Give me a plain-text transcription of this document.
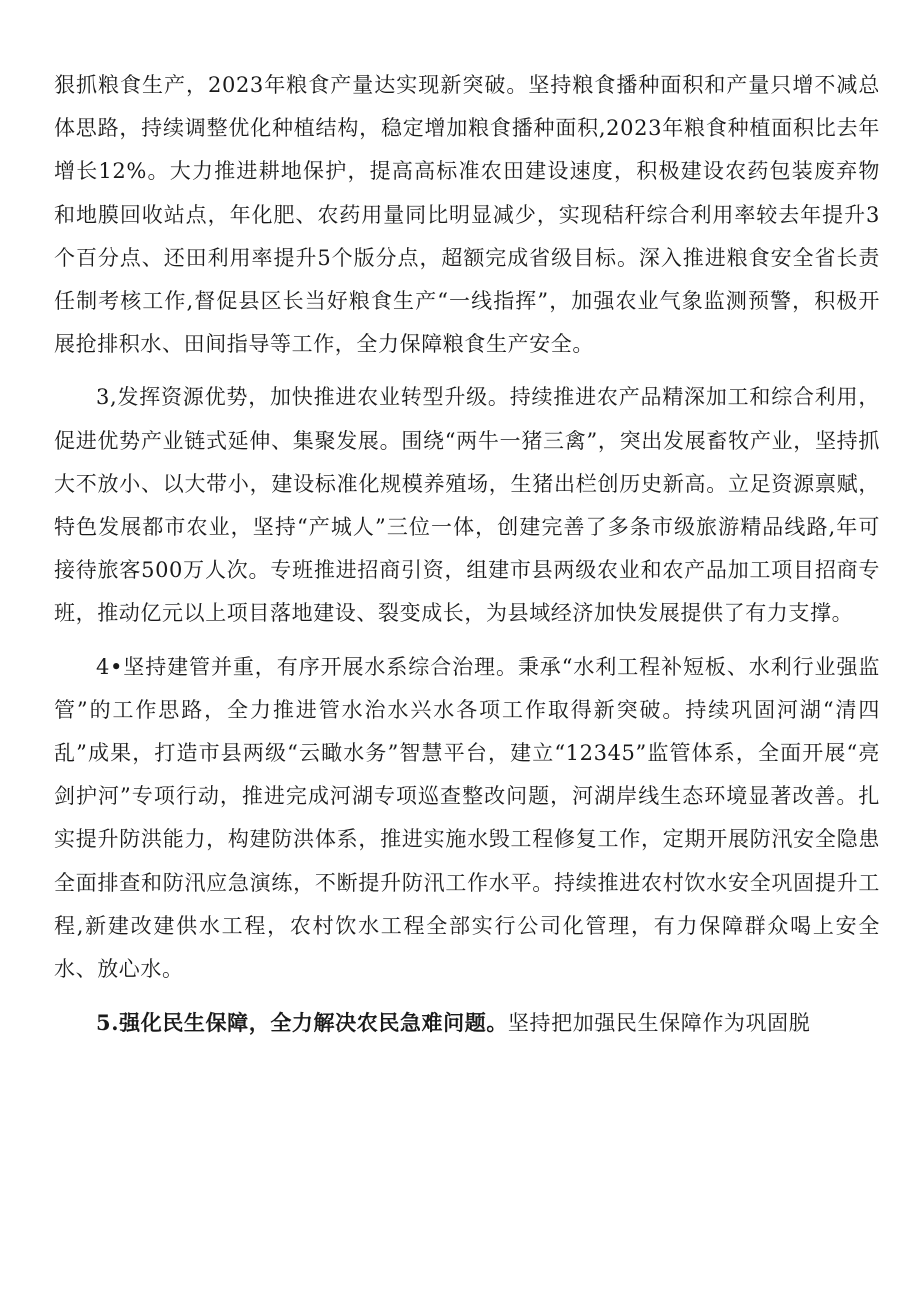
狠抓粮食生产，2023年粮食产量达实现新突破。坚持粮食播种面积和产量只增不减总体思路，持续调整优化种植结构，稳定增加粮食播种面积,2023年粮食种植面积比去年增长12%。大力推进耕地保护，提高高标准农田建设速度，积极建设农药包装废弃物和地膜回收站点，年化肥、农药用量同比明显减少，实现秸秆综合利用率较去年提升3个百分点、还田利用率提升5个版分点，超额完成省级目标。深入推进粮食安全省长责任制考核工作,督促县区长当好粮食生产“一线指挥”，加强农业气象监测预警，积极开展抢排积水、田间指导等工作，全力保障粮食生产安全。

3,发挥资源优势，加快推进农业转型升级。持续推进农产品精深加工和综合利用，促进优势产业链式延伸、集聚发展。围绕“两牛一猪三禽”，突出发展畜牧产业，坚持抓大不放小、以大带小，建设标准化规模养殖场，生猪出栏创历史新高。立足资源禀赋，特色发展都市农业，坚持“产城人”三位一体，创建完善了多条市级旅游精品线路,年可接待旅客500万人次。专班推进招商引资，组建市县两级农业和农产品加工项目招商专班，推动亿元以上项目落地建设、裂变成长，为县域经济加快发展提供了有力支撑。

4•坚持建管并重，有序开展水系综合治理。秉承“水利工程补短板、水利行业强监管”的工作思路，全力推进管水治水兴水各项工作取得新突破。持续巩固河湖“清四乱”成果，打造市县两级“云瞰水务”智慧平台，建立“12345”监管体系，全面开展“亮剑护河”专项行动，推进完成河湖专项巡查整改问题，河湖岸线生态环境显著改善。扎实提升防洪能力，构建防洪体系，推进实施水毁工程修复工作，定期开展防汛安全隐患全面排查和防汛应急演练，不断提升防汛工作水平。持续推进农村饮水安全巩固提升工程,新建改建供水工程，农村饮水工程全部实行公司化管理，有力保障群众喝上安全水、放心水。

5.强化民生保障，全力解决农民急难问题。坚持把加强民生保障作为巩固脱
